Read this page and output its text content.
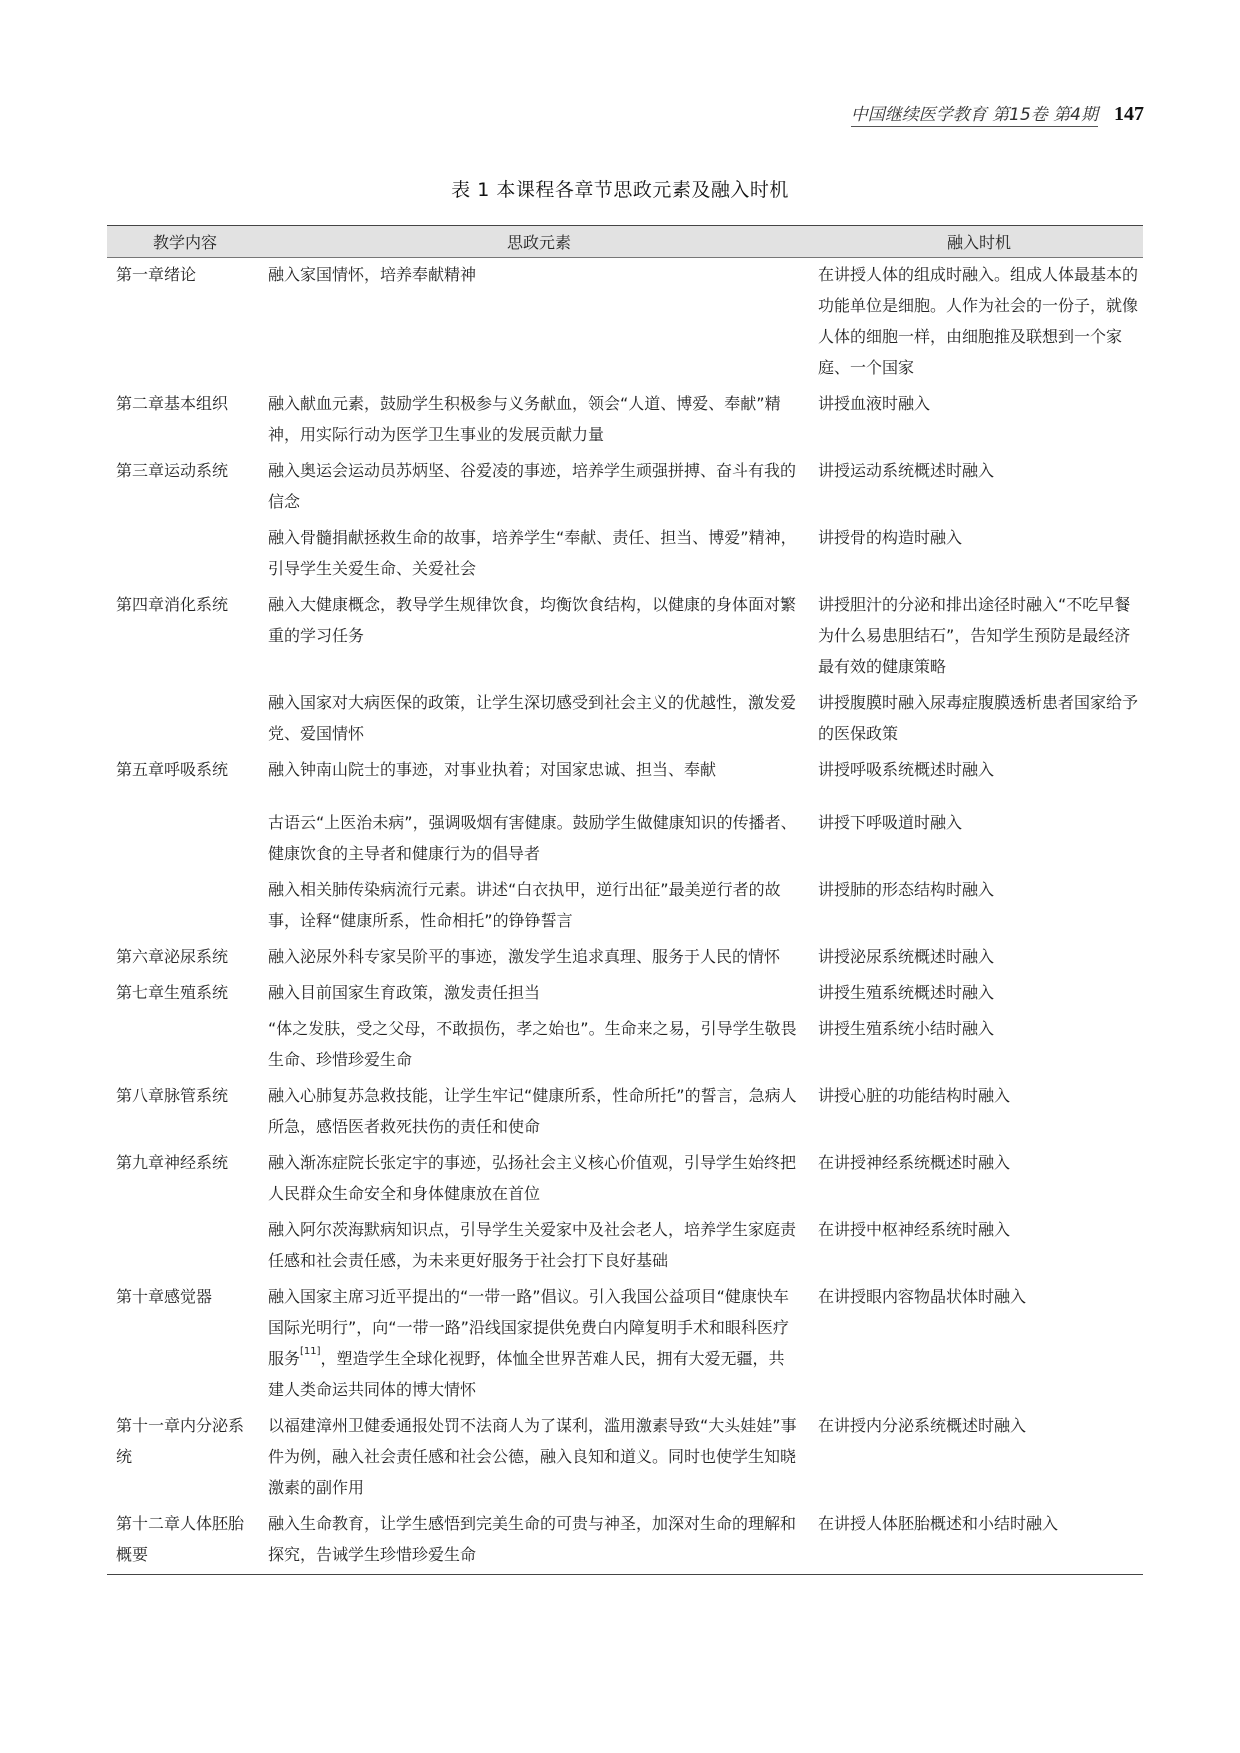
中国继续医学教育 第15卷 第4期 147
表 1 本课程各章节思政元素及融入时机
教学内容	思政元素	融入时机
第一章绪论	融入家国情怀，培养奉献精神	在讲授人体的组成时融入。组成人体最基本的功能单位是细胞。人作为社会的一份子，就像人体的细胞一样，由细胞推及联想到一个家庭、一个国家
第二章基本组织	融入献血元素，鼓励学生积极参与义务献血，领会“人道、博爱、奉献”精神，用实际行动为医学卫生事业的发展贡献力量	讲授血液时融入
第三章运动系统	融入奥运会运动员苏炳坚、谷爱凌的事迹，培养学生顽强拼搏、奋斗有我的信念	讲授运动系统概述时融入
	融入骨髓捐献拯救生命的故事，培养学生“奉献、责任、担当、博爱”精神，引导学生关爱生命、关爱社会	讲授骨的构造时融入
第四章消化系统	融入大健康概念，教导学生规律饮食，均衡饮食结构，以健康的身体面对繁重的学习任务	讲授胆汁的分泌和排出途径时融入“不吃早餐为什么易患胆结石”，告知学生预防是最经济最有效的健康策略
	融入国家对大病医保的政策，让学生深切感受到社会主义的优越性，激发爱党、爱国情怀	讲授腹膜时融入尿毒症腹膜透析患者国家给予的医保政策
第五章呼吸系统	融入钟南山院士的事迹，对事业执着；对国家忠诚、担当、奉献	讲授呼吸系统概述时融入
	古语云“上医治未病”，强调吸烟有害健康。鼓励学生做健康知识的传播者、健康饮食的主导者和健康行为的倡导者	讲授下呼吸道时融入
	融入相关肺传染病流行元素。讲述“白衣执甲，逆行出征”最美逆行者的故事，诠释“健康所系，性命相托”的铮铮誓言	讲授肺的形态结构时融入
第六章泌尿系统	融入泌尿外科专家吴阶平的事迹，激发学生追求真理、服务于人民的情怀	讲授泌尿系统概述时融入
第七章生殖系统	融入目前国家生育政策，激发责任担当	讲授生殖系统概述时融入
	“体之发肤，受之父母，不敢损伤，孝之始也”。生命来之易，引导学生敬畏生命、珍惜珍爱生命	讲授生殖系统小结时融入
第八章脉管系统	融入心肺复苏急救技能，让学生牢记“健康所系，性命所托”的誓言，急病人所急，感悟医者救死扶伤的责任和使命	讲授心脏的功能结构时融入
第九章神经系统	融入渐冻症院长张定宇的事迹，弘扬社会主义核心价值观，引导学生始终把人民群众生命安全和身体健康放在首位	在讲授神经系统概述时融入
	融入阿尔茨海默病知识点，引导学生关爱家中及社会老人，培养学生家庭责任感和社会责任感，为未来更好服务于社会打下良好基础	在讲授中枢神经系统时融入
第十章感觉器	融入国家主席习近平提出的“一带一路”倡议。引入我国公益项目“健康快车国际光明行”，向“一带一路”沿线国家提供免费白内障复明手术和眼科医疗服务[11]，塑造学生全球化视野，体恤全世界苦难人民，拥有大爱无疆，共建人类命运共同体的博大情怀	在讲授眼内容物晶状体时融入
第十一章内分泌系统	以福建漳州卫健委通报处罚不法商人为了谋利，滥用激素导致“大头娃娃”事件为例，融入社会责任感和社会公德，融入良知和道义。同时也使学生知晓激素的副作用	在讲授内分泌系统概述时融入
第十二章人体胚胎概要	融入生命教育，让学生感悟到完美生命的可贵与神圣，加深对生命的理解和探究，告诫学生珍惜珍爱生命	在讲授人体胚胎概述和小结时融入
